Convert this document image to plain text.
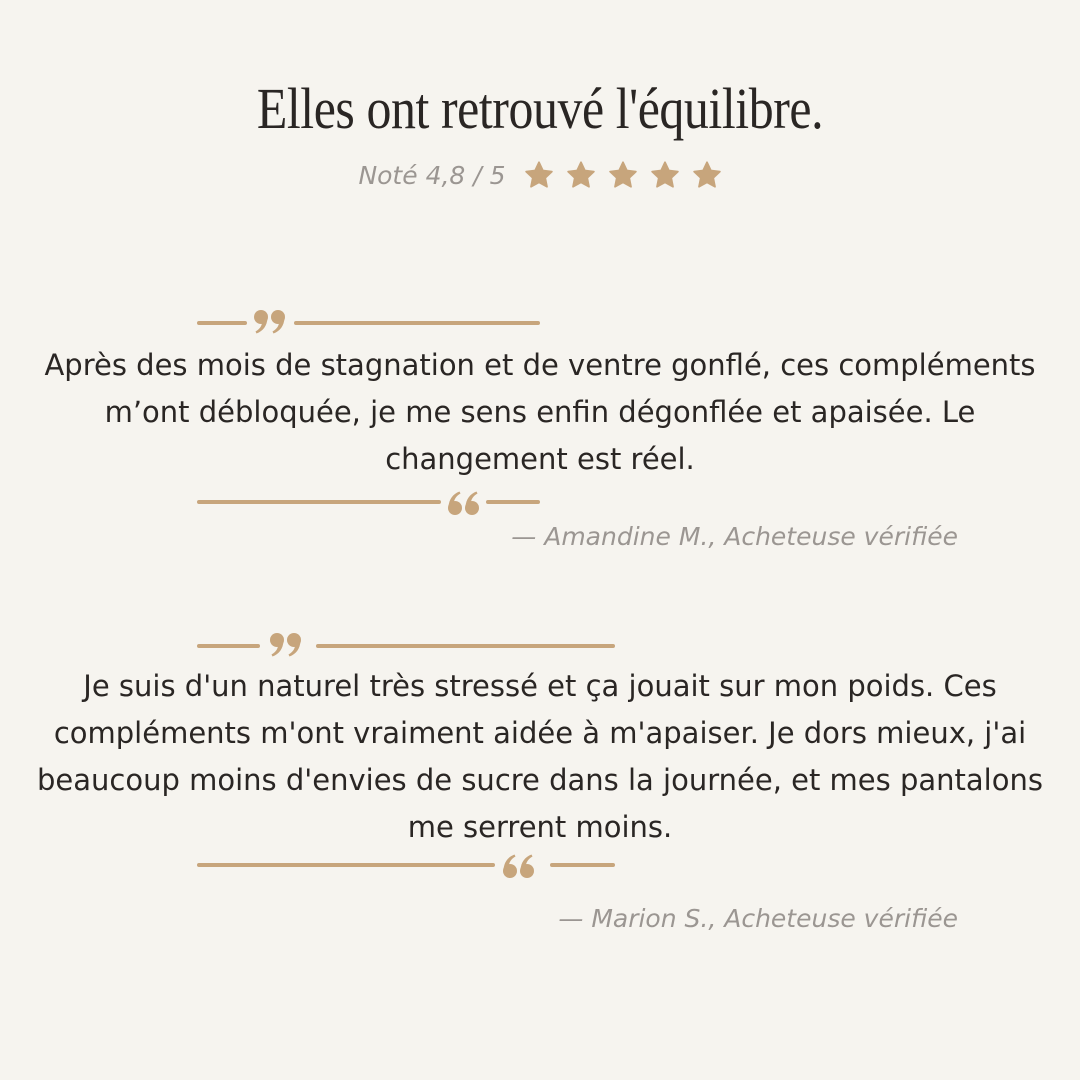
Elles ont retrouvé l'équilibre.
Noté 4,8 / 5
Après des mois de stagnation et de ventre gonflé, ces compléments m’ont débloquée, je me sens enfin dégonflée et apaisée. Le changement est réel.
— Amandine M., Acheteuse vérifiée
Je suis d'un naturel très stressé et ça jouait sur mon poids. Ces compléments m'ont vraiment aidée à m'apaiser. Je dors mieux, j'ai beaucoup moins d'envies de sucre dans la journée, et mes pantalons me serrent moins.
— Marion S., Acheteuse vérifiée
